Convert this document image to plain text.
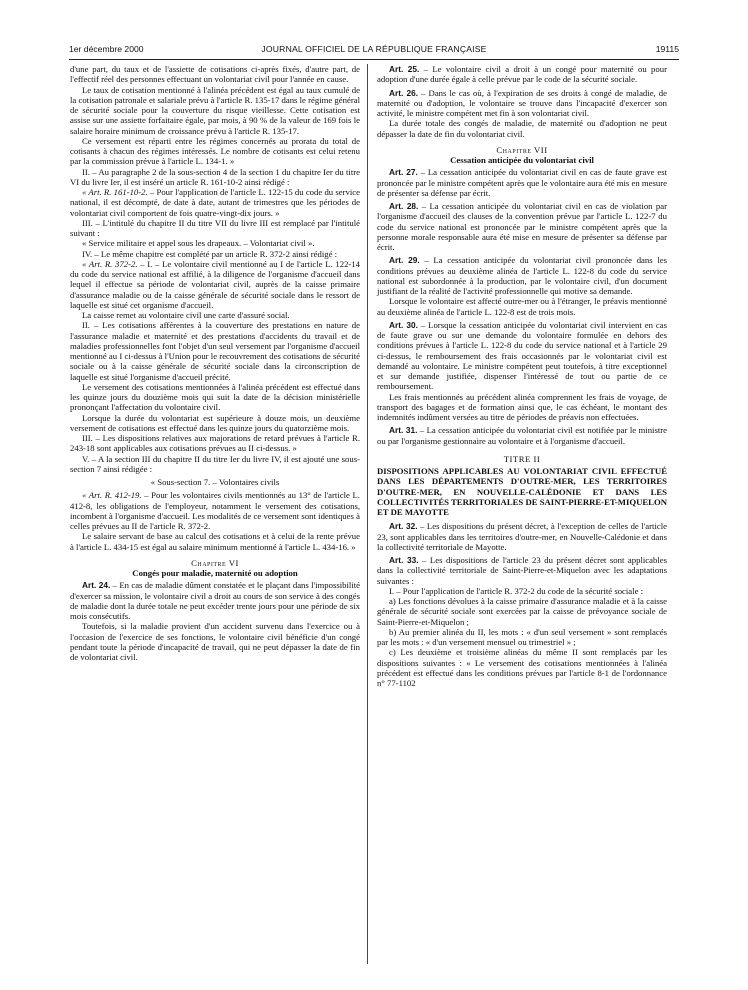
1er décembre 2000	JOURNAL OFFICIEL DE LA RÉPUBLIQUE FRANÇAISE	19115

d'une part, du taux et de l'assiette de cotisations ci-après fixés, d'autre part, de l'effectif réel des personnes effectuant un volontariat civil pour l'année en cause.

Le taux de cotisation mentionné à l'alinéa précédent est égal au taux cumulé de la cotisation patronale et salariale prévu à l'article R. 135-17 dans le régime général de sécurité sociale pour la couverture du risque vieillesse. Cette cotisation est assise sur une assiette forfaitaire égale, par mois, à 90 % de la valeur de 169 fois le salaire horaire minimum de croissance prévu à l'article R. 135-17.

Ce versement est réparti entre les régimes concernés au prorata du total de cotisants à chacun des régimes intéressés. Le nombre de cotisants est celui retenu par la commission prévue à l'article L. 134-1. »

II. – Au paragraphe 2 de la sous-section 4 de la section 1 du chapitre Ier du titre VI du livre Ier, il est inséré un article R. 161-10-2 ainsi rédigé :

« Art. R. 161-10-2. – Pour l'application de l'article L. 122-15 du code du service national, il est décompté, de date à date, autant de trimestres que les périodes de volontariat civil comportent de fois quatre-vingt-dix jours. »

III. – L'intitulé du chapitre II du titre VII du livre III est remplacé par l'intitulé suivant :

« Service militaire et appel sous les drapeaux. – Volontariat civil ».

IV. – Le même chapitre est complété par un article R. 372-2 ainsi rédigé :

« Art. R. 372-2. – I. – Le volontaire civil mentionné au I de l'article L. 122-14 du code du service national est affilié, à la diligence de l'organisme d'accueil dans lequel il effectue sa période de volontariat civil, auprès de la caisse primaire d'assurance maladie ou de la caisse générale de sécurité sociale dans le ressort de laquelle est situé cet organisme d'accueil.

La caisse remet au volontaire civil une carte d'assuré social.

II. – Les cotisations afférentes à la couverture des prestations en nature de l'assurance maladie et maternité et des prestations d'accidents du travail et de maladies professionnelles font l'objet d'un seul versement par l'organisme d'accueil mentionné au I ci-dessus à l'Union pour le recouvrement des cotisations de sécurité sociale ou à la caisse générale de sécurité sociale dans la circonscription de laquelle est situé l'organisme d'accueil précité.

Le versement des cotisations mentionnées à l'alinéa précédent est effectué dans les quinze jours du douzième mois qui suit la date de la décision ministérielle prononçant l'affectation du volontaire civil.

Lorsque la durée du volontariat est supérieure à douze mois, un deuxième versement de cotisations est effectué dans les quinze jours du quatorzième mois.

III. – Les dispositions relatives aux majorations de retard prévues à l'article R. 243-18 sont applicables aux cotisations prévues au II ci-dessus. »

V. – A la section III du chapitre II du titre Ier du livre IV, il est ajouté une sous-section 7 ainsi rédigée :

« Sous-section 7. – Volontaires civils

« Art. R. 412-19. – Pour les volontaires civils mentionnés au 13° de l'article L. 412-8, les obligations de l'employeur, notamment le versement des cotisations, incombent à l'organisme d'accueil. Les modalités de ce versement sont identiques à celles prévues au II de l'article R. 372-2.

Le salaire servant de base au calcul des cotisations et à celui de la rente prévue à l'article L. 434-15 est égal au salaire minimum mentionné à l'article L. 434-16. »

Chapitre VI

Congés pour maladie, maternité ou adoption

Art. 24. – En cas de maladie dûment constatée et le plaçant dans l'impossibilité d'exercer sa mission, le volontaire civil a droit au cours de son service à des congés de maladie dont la durée totale ne peut excéder trente jours pour une période de six mois consécutifs.

Toutefois, si la maladie provient d'un accident survenu dans l'exercice ou à l'occasion de l'exercice de ses fonctions, le volontaire civil bénéficie d'un congé pendant toute la période d'incapacité de travail, qui ne peut dépasser la date de fin de volontariat civil.

Art. 25. – Le volontaire civil a droit à un congé pour maternité ou pour adoption d'une durée égale à celle prévue par le code de la sécurité sociale.

Art. 26. – Dans le cas où, à l'expiration de ses droits à congé de maladie, de maternité ou d'adoption, le volontaire se trouve dans l'incapacité d'exercer son activité, le ministre compétent met fin à son volontariat civil.

La durée totale des congés de maladie, de maternité ou d'adoption ne peut dépasser la date de fin du volontariat civil.

Chapitre VII

Cessation anticipée du volontariat civil

Art. 27. – La cessation anticipée du volontariat civil en cas de faute grave est prononcée par le ministre compétent après que le volontaire aura été mis en mesure de présenter sa défense par écrit.

Art. 28. – La cessation anticipée du volontariat civil en cas de violation par l'organisme d'accueil des clauses de la convention prévue par l'article L. 122-7 du code du service national est prononcée par le ministre compétent après que la personne morale responsable aura été mise en mesure de présenter sa défense par écrit.

Art. 29. – La cessation anticipée du volontariat civil prononcée dans les conditions prévues au deuxième alinéa de l'article L. 122-8 du code du service national est subordonnée à la production, par le volontaire civil, d'un document justifiant de la réalité de l'activité professionnelle qui motive sa demande.

Lorsque le volontaire est affecté outre-mer ou à l'étranger, le préavis mentionné au deuxième alinéa de l'article L. 122-8 est de trois mois.

Art. 30. – Lorsque la cessation anticipée du volontariat civil intervient en cas de faute grave ou sur une demande du volontaire formulée en dehors des conditions prévues à l'article L. 122-8 du code du service national et à l'article 29 ci-dessus, le remboursement des frais occasionnés par le volontariat civil est demandé au volontaire. Le ministre compétent peut toutefois, à titre exceptionnel et sur demande justifiée, dispenser l'intéressé de tout ou partie de ce remboursement.

Les frais mentionnés au précédent alinéa comprennent les frais de voyage, de transport des bagages et de formation ainsi que, le cas échéant, le montant des indemnités indûment versées au titre de périodes de préavis non effectuées.

Art. 31. – La cessation anticipée du volontariat civil est notifiée par le ministre ou par l'organisme gestionnaire au volontaire et à l'organisme d'accueil.

TITRE II

DISPOSITIONS APPLICABLES AU VOLONTARIAT CIVIL EFFECTUÉ DANS LES DÉPARTEMENTS D'OUTRE-MER, LES TERRITOIRES D'OUTRE-MER, EN NOUVELLE-CALÉDONIE ET DANS LES COLLECTIVITÉS TERRITORIALES DE SAINT-PIERRE-ET-MIQUELON ET DE MAYOTTE

Art. 32. – Les dispositions du présent décret, à l'exception de celles de l'article 23, sont applicables dans les territoires d'outre-mer, en Nouvelle-Calédonie et dans la collectivité territoriale de Mayotte.

Art. 33. – Les dispositions de l'article 23 du présent décret sont applicables dans la collectivité territoriale de Saint-Pierre-et-Miquelon avec les adaptations suivantes :

I. – Pour l'application de l'article R. 372-2 du code de la sécurité sociale :

a) Les fonctions dévolues à la caisse primaire d'assurance maladie et à la caisse générale de sécurité sociale sont exercées par la caisse de prévoyance sociale de Saint-Pierre-et-Miquelon ;

b) Au premier alinéa du II, les mots : « d'un seul versement » sont remplacés par les mots : « d'un versement mensuel ou trimestriel » ;

c) Les deuxième et troisième alinéas du même II sont remplacés par les dispositions suivantes : « Le versement des cotisations mentionnées à l'alinéa précédent est effectué dans les conditions prévues par l'article 8-1 de l'ordonnance n° 77-1102
